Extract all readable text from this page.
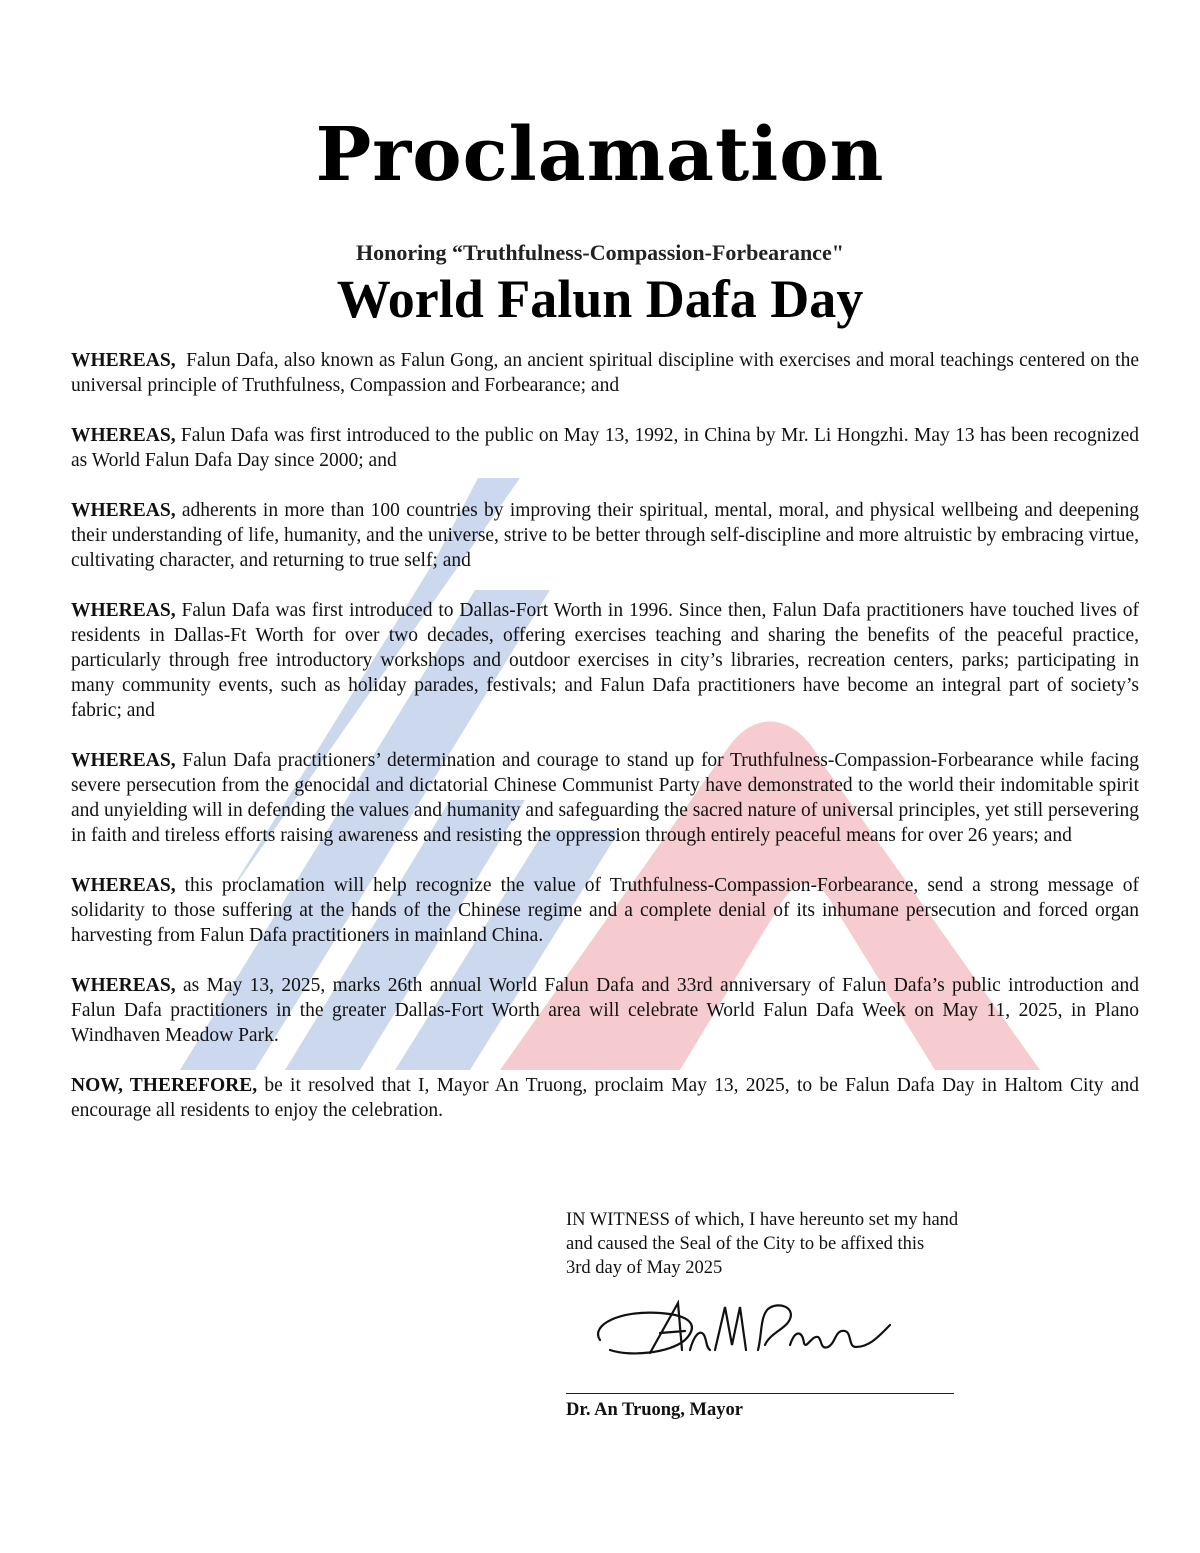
Proclamation
Honoring “Truthfulness-Compassion-Forbearance"
World Falun Dafa Day

WHEREAS,  Falun Dafa, also known as Falun Gong, an ancient spiritual discipline with exercises and moral teachings centered on the universal principle of Truthfulness, Compassion and Forbearance; and

WHEREAS, Falun Dafa was first introduced to the public on May 13, 1992, in China by Mr. Li Hongzhi. May 13 has been recognized as World Falun Dafa Day since 2000; and

WHEREAS, adherents in more than 100 countries by improving their spiritual, mental, moral, and physical wellbeing and deepening their understanding of life, humanity, and the universe, strive to be better through self-discipline and more altruistic by embracing virtue, cultivating character, and returning to true self; and

WHEREAS, Falun Dafa was first introduced to Dallas-Fort Worth in 1996. Since then, Falun Dafa practitioners have touched lives of residents in Dallas-Ft Worth for over two decades, offering exercises teaching and sharing the benefits of the peaceful practice, particularly through free introductory workshops and outdoor exercises in city’s libraries, recreation centers, parks; participating in many community events, such as holiday parades, festivals; and Falun Dafa practitioners have become an integral part of society’s fabric; and

WHEREAS, Falun Dafa practitioners’ determination and courage to stand up for Truthfulness-Compassion-Forbearance while facing severe persecution from the genocidal and dictatorial Chinese Communist Party have demonstrated to the world their indomitable spirit and unyielding will in defending the values and humanity and safeguarding the sacred nature of universal principles, yet still persevering in faith and tireless efforts raising awareness and resisting the oppression through entirely peaceful means for over 26 years; and

WHEREAS, this proclamation will help recognize the value of Truthfulness-Compassion-Forbearance, send a strong message of solidarity to those suffering at the hands of the Chinese regime and a complete denial of its inhumane persecution and forced organ harvesting from Falun Dafa practitioners in mainland China.

WHEREAS, as May 13, 2025, marks 26th annual World Falun Dafa and 33rd anniversary of Falun Dafa’s public introduction and Falun Dafa practitioners in the greater Dallas-Fort Worth area will celebrate World Falun Dafa Week on May 11, 2025, in Plano Windhaven Meadow Park.

NOW, THEREFORE, be it resolved that I, Mayor An Truong, proclaim May 13, 2025, to be Falun Dafa Day in Haltom City and encourage all residents to enjoy the celebration.

IN WITNESS of which, I have hereunto set my hand
and caused the Seal of the City to be affixed this
3rd day of May 2025
Dr. An Truong, Mayor
